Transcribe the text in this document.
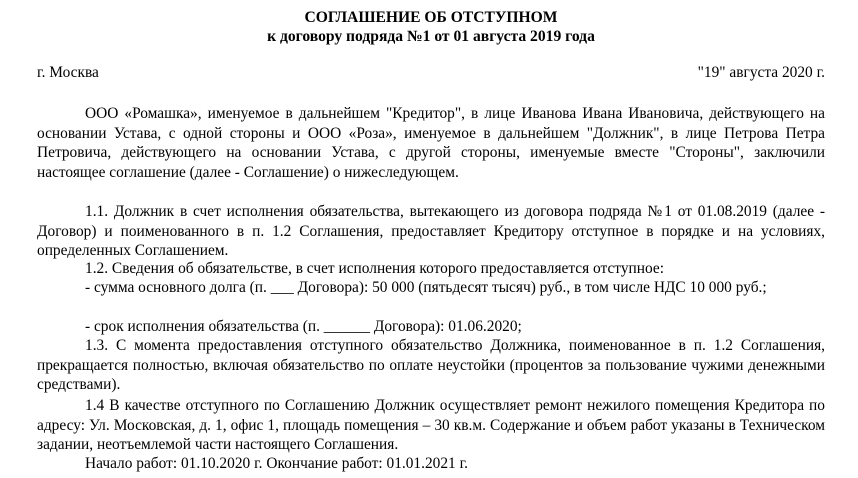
СОГЛАШЕНИЕ ОБ ОТСТУПНОМ
к договору подряда №1 от 01 августа 2019 года
г. Москва	"19" августа 2020 г.
ООО «Ромашка», именуемое в дальнейшем "Кредитор", в лице Иванова Ивана Ивановича, действующего на основании Устава, с одной стороны и ООО «Роза», именуемое в дальнейшем "Должник", в лице Петрова Петра Петровича, действующего на основании Устава, с другой стороны, именуемые вместе "Стороны", заключили настоящее соглашение (далее - Соглашение) о нижеследующем.
1.1. Должник в счет исполнения обязательства, вытекающего из договора подряда №1 от 01.08.2019 (далее - Договор) и поименованного в п. 1.2 Соглашения, предоставляет Кредитору отступное в порядке и на условиях, определенных Соглашением.
1.2. Сведения об обязательстве, в счет исполнения которого предоставляется отступное:
- сумма основного долга (п. ___ Договора): 50 000 (пятьдесят тысяч) руб., в том числе НДС 10 000 руб.;
- срок исполнения обязательства (п. ______ Договора): 01.06.2020;
1.3. С момента предоставления отступного обязательство Должника, поименованное в п. 1.2 Соглашения, прекращается полностью, включая обязательство по оплате неустойки (процентов за пользование чужими денежными средствами).
1.4 В качестве отступного по Соглашению Должник осуществляет ремонт нежилого помещения Кредитора по адресу: Ул. Московская, д. 1, офис 1, площадь помещения – 30 кв.м. Содержание и объем работ указаны в Техническом задании, неотъемлемой части настоящего Соглашения.
Начало работ: 01.10.2020 г. Окончание работ: 01.01.2021 г.
